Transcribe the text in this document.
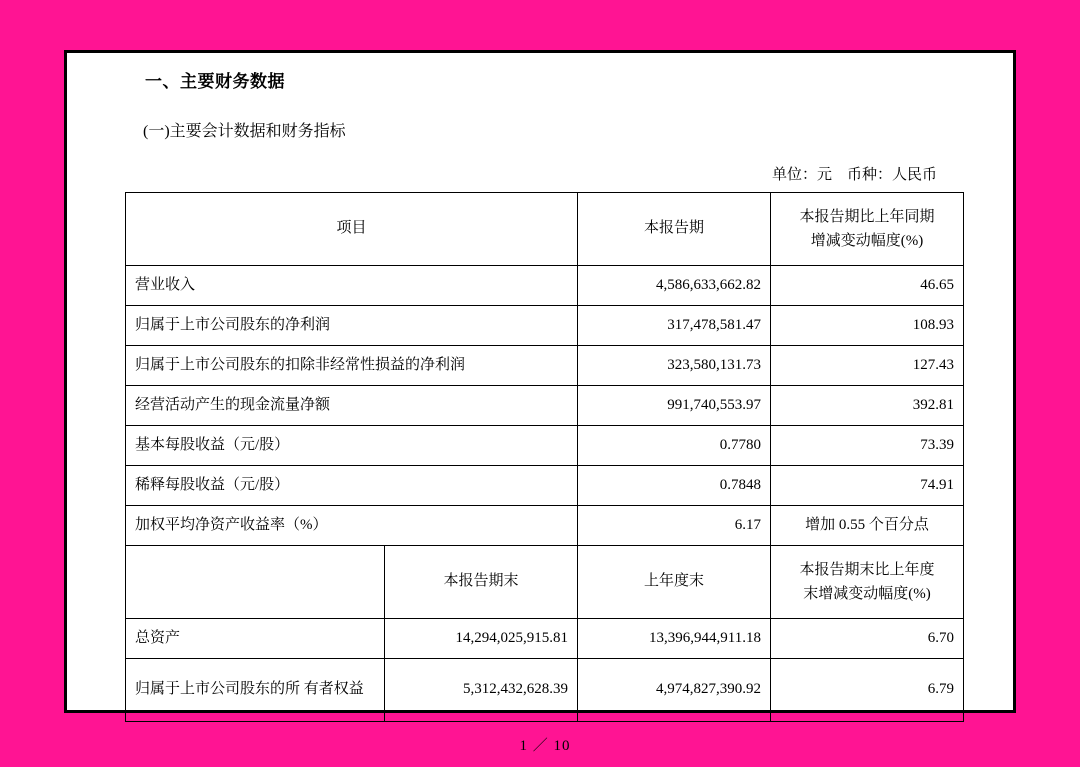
一、主要财务数据
(一)主要会计数据和财务指标
单位：元　币种：人民币
项目	本报告期	本报告期比上年同期
增减变动幅度(%)

营业收入	4,586,633,662.82	46.65
归属于上市公司股东的净利润	317,478,581.47	108.93
归属于上市公司股东的扣除非经常性损益的净利润	323,580,131.73	127.43
经营活动产生的现金流量净额	991,740,553.97	392.81
基本每股收益（元/股）	0.7780	73.39
稀释每股收益（元/股）	0.7848	74.91
加权平均净资产收益率（%）	6.17	增加 0.55 个百分点
	本报告期末	上年度末	本报告期末比上年度
末增减变动幅度(%)

总资产	14,294,025,915.81	13,396,944,911.18	6.70
归属于上市公司股东的所 有者权益	5,312,432,628.39	4,974,827,390.92	6.79
1 ／ 10
